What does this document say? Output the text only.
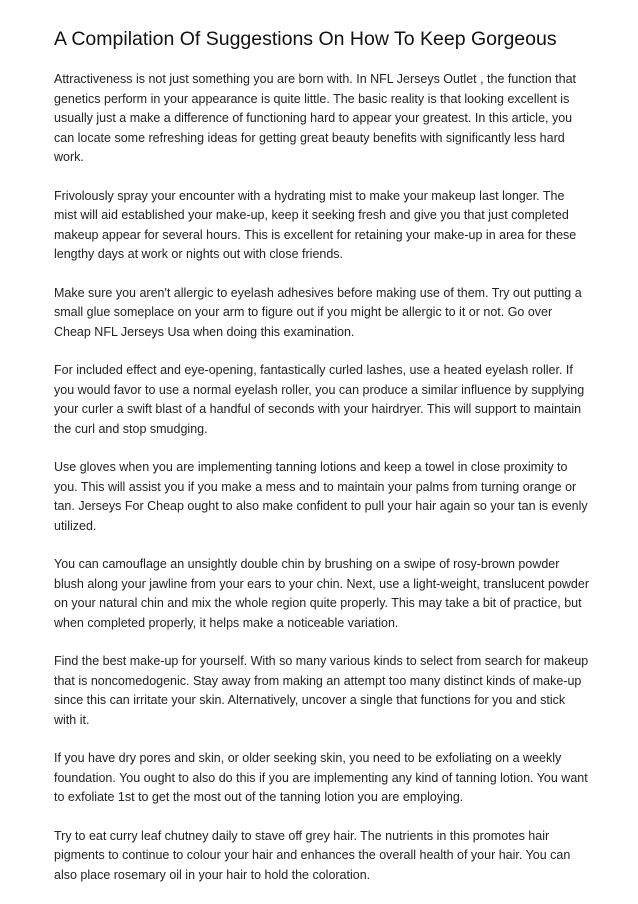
A Compilation Of Suggestions On How To Keep Gorgeous

Attractiveness is not just something you are born with. In NFL Jerseys Outlet , the function that genetics perform in your appearance is quite little. The basic reality is that looking excellent is usually just a make a difference of functioning hard to appear your greatest. In this article, you can locate some refreshing ideas for getting great beauty benefits with significantly less hard work.

Frivolously spray your encounter with a hydrating mist to make your makeup last longer. The mist will aid established your make-up, keep it seeking fresh and give you that just completed makeup appear for several hours. This is excellent for retaining your make-up in area for these lengthy days at work or nights out with close friends.

Make sure you aren't allergic to eyelash adhesives before making use of them. Try out putting a small glue someplace on your arm to figure out if you might be allergic to it or not. Go over Cheap NFL Jerseys Usa when doing this examination.

For included effect and eye-opening, fantastically curled lashes, use a heated eyelash roller. If you would favor to use a normal eyelash roller, you can produce a similar influence by supplying your curler a swift blast of a handful of seconds with your hairdryer. This will support to maintain the curl and stop smudging.

Use gloves when you are implementing tanning lotions and keep a towel in close proximity to you. This will assist you if you make a mess and to maintain your palms from turning orange or tan. Jerseys For Cheap ought to also make confident to pull your hair again so your tan is evenly utilized.

You can camouflage an unsightly double chin by brushing on a swipe of rosy-brown powder blush along your jawline from your ears to your chin. Next, use a light-weight, translucent powder on your natural chin and mix the whole region quite properly. This may take a bit of practice, but when completed properly, it helps make a noticeable variation.

Find the best make-up for yourself. With so many various kinds to select from search for makeup that is noncomedogenic. Stay away from making an attempt too many distinct kinds of make-up since this can irritate your skin. Alternatively, uncover a single that functions for you and stick with it.

If you have dry pores and skin, or older seeking skin, you need to be exfoliating on a weekly foundation. You ought to also do this if you are implementing any kind of tanning lotion. You want to exfoliate 1st to get the most out of the tanning lotion you are employing.

Try to eat curry leaf chutney daily to stave off grey hair. The nutrients in this promotes hair pigments to continue to colour your hair and enhances the overall health of your hair. You can also place rosemary oil in your hair to hold the coloration.
